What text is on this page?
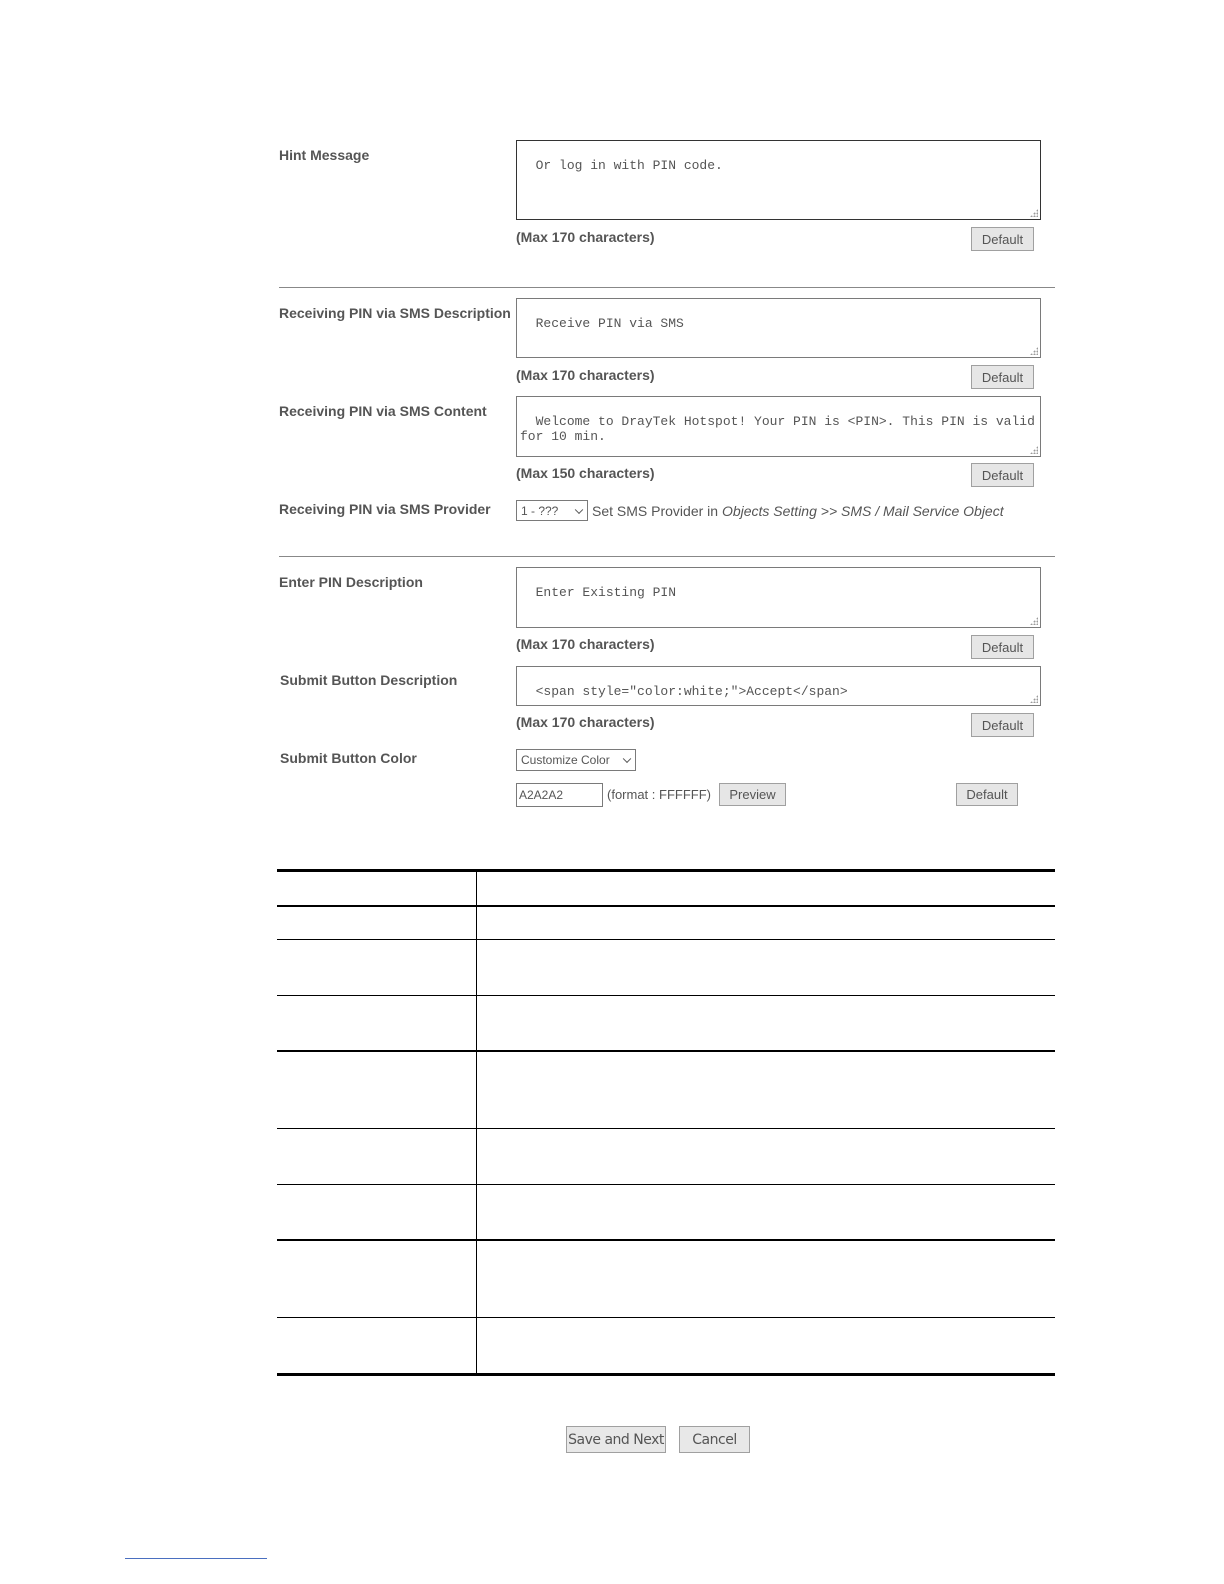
Hint Message

Or log in with PIN code.

(Max 170 characters)	Default
Receiving PIN via SMS Description

Receive PIN via SMS

(Max 170 characters)	Default
Receiving PIN via SMS Content

Welcome to DrayTek Hotspot! Your PIN is <PIN>. This PIN is valid
for 10 min.

(Max 150 characters)	Default
Receiving PIN via SMS Provider	1 - ??? Set SMS Provider in Objects Setting >> SMS / Mail Service Object
Enter PIN Description

Enter Existing PIN

(Max 170 characters)	Default
Submit Button Description

<span style="color:white;">Accept</span>

(Max 170 characters)	Default
Submit Button Color	Customize Color
A2A2A2	(format : FFFFFF)	Preview	Default
Save and Next	Cancel
